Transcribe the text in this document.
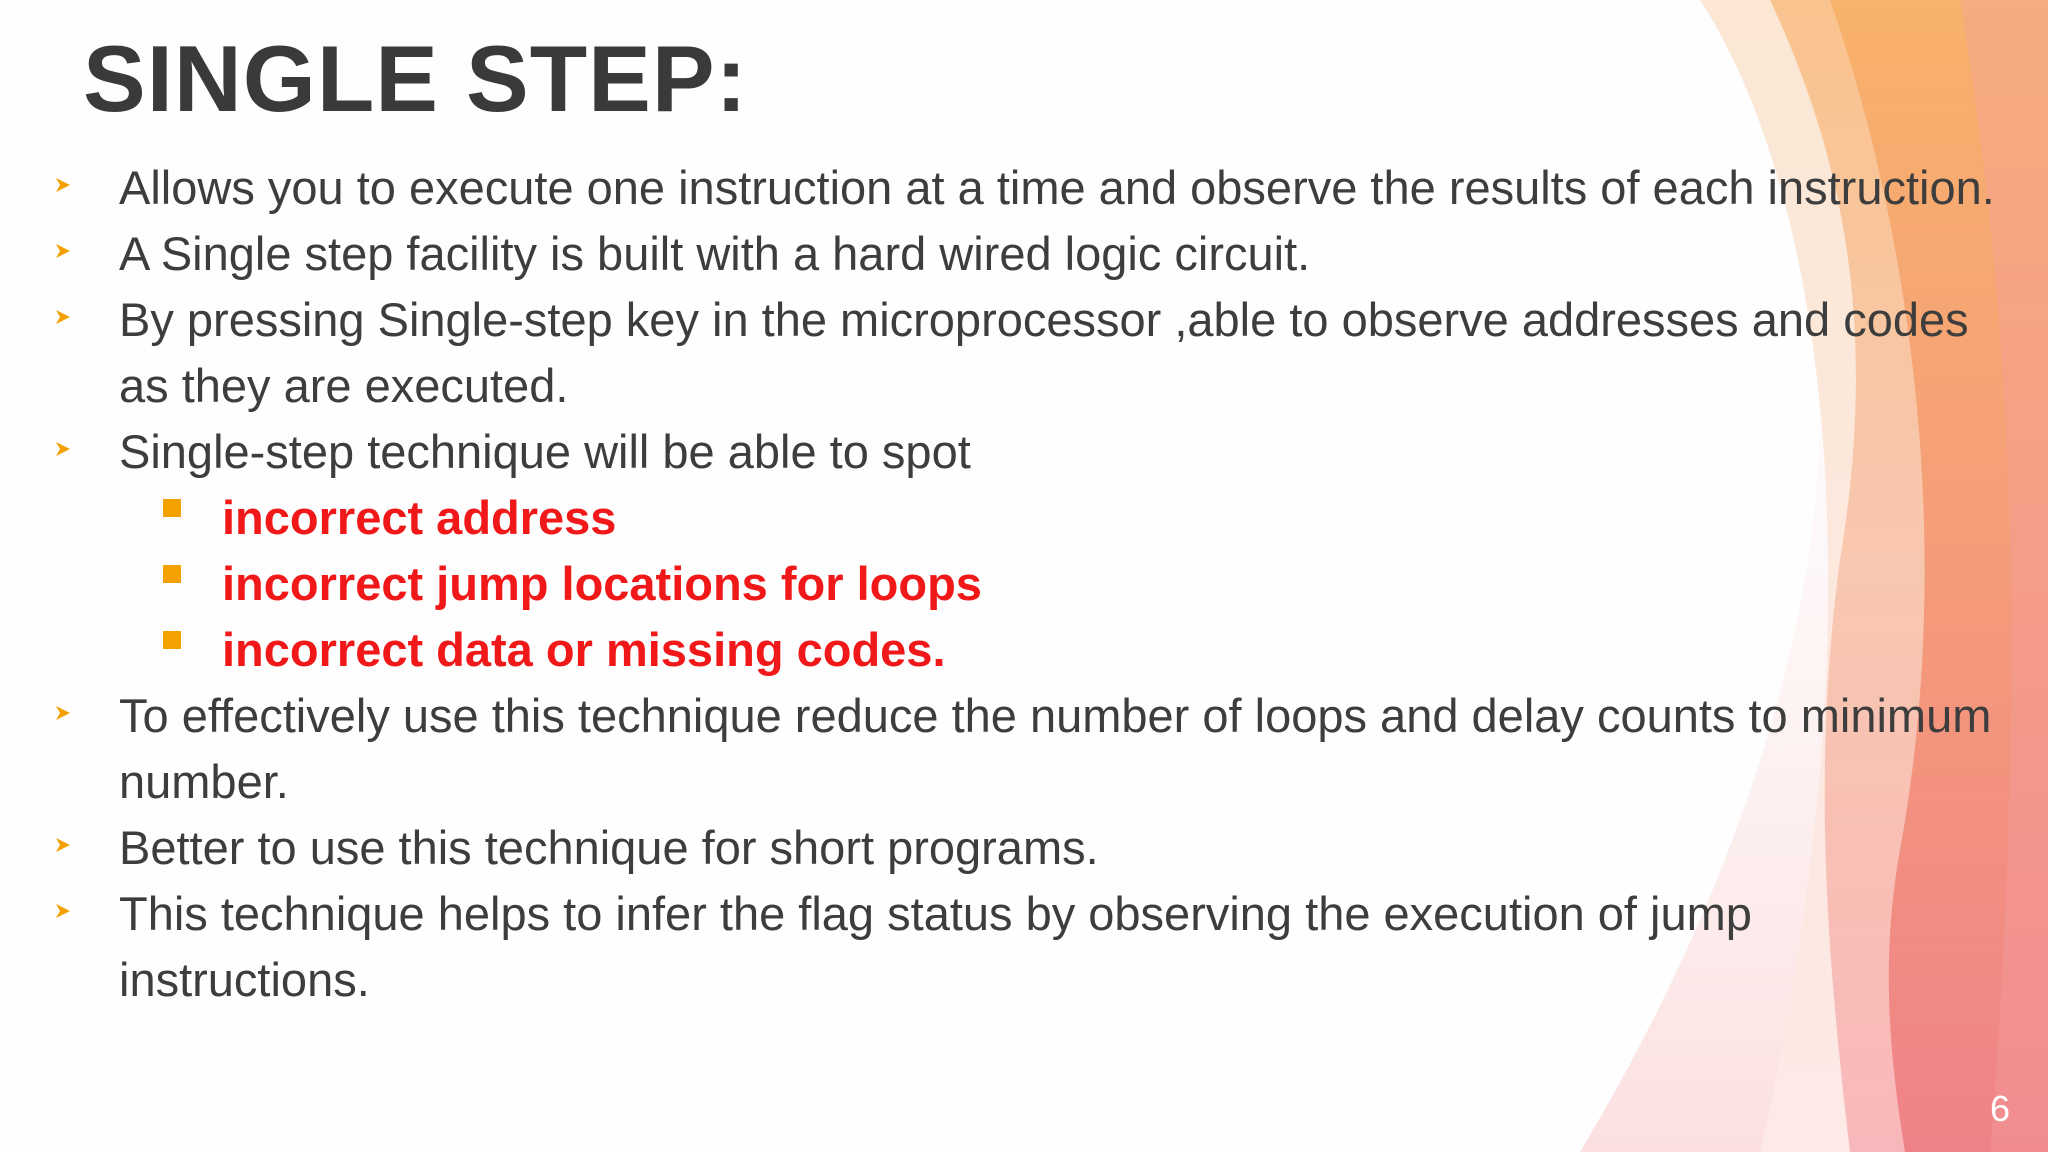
SINGLE STEP:
Allows you to execute one instruction at a time and observe the results of each instruction.
A Single step facility is built with a hard wired logic circuit.
By pressing Single-step key in the microprocessor ,able to observe addresses and codes as they are executed.
Single-step technique will be able to spot
incorrect address
incorrect jump locations for loops
incorrect data or missing codes.
To effectively use this technique reduce the number of loops and delay counts to minimum number.
Better to use this technique for short programs.
This technique helps to infer the flag status by observing the execution of jump instructions.
6
